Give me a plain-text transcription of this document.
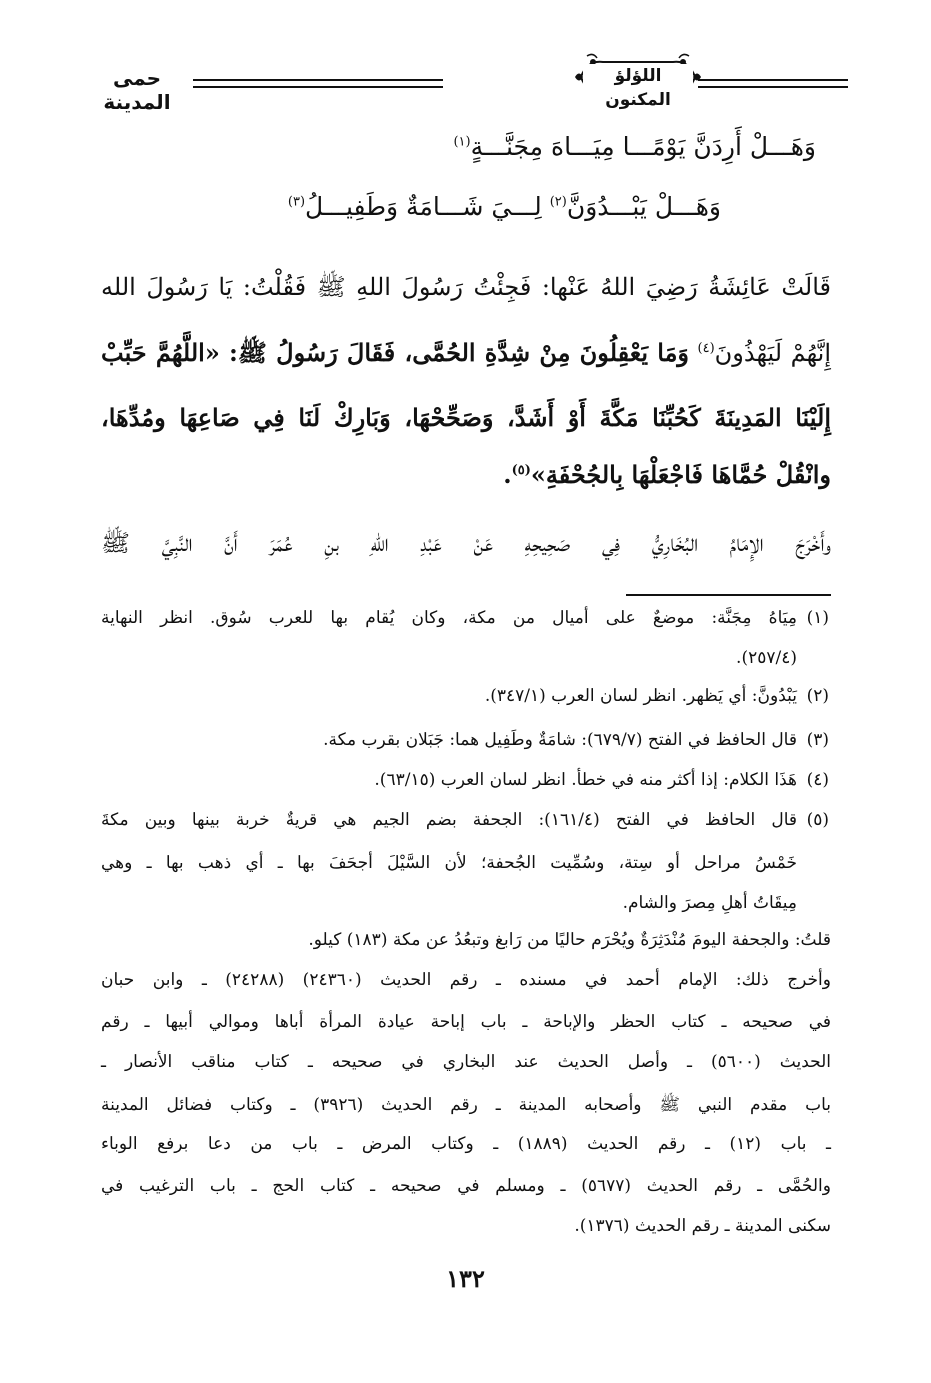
حمى المدينة
اللؤلؤ المكنون
وَهَـــلْ أَرِدَنَّ يَوْمًـــا مِيَـــاهَ مِجَنَّـــةٍ$^{(١)}$
وَهَـــلْ يَبْـــدُوَنَّ$^{(٢)}$ لِـــيَ شَـــامَةٌ وَطَفِيـــلُ$^{(٣)}$
قَالَتْ عَائِشَةُ رَضِيَ اللهُ عَنْها: فَجِئْتُ رَسُولَ اللهِ ﷺ فَقُلْتُ: يَا رَسُولَ الله
إِنَّهُمْ لَيَهْذُونَ$^{(٤)}$ وَمَا يَعْقِلُونَ مِنْ شِدَّةِ الحُمَّى، فَقَالَ رَسُولُ ﷺ: «اللَّهُمَّ حَبِّبْ
إِلَيْنَا المَدِينَةَ كَحُبِّنَا مَكَّةَ أَوْ أَشَدَّ، وَصَحِّحْهَا، وَبَارِكْ لَنَا فِي صَاعِهَا ومُدِّهَا،
وانْقُلْ حُمَّاهَا فَاجْعَلْهَا بِالجُحْفَةِ»$^{(٥)}$.
وأَخْرَجَ الإِمَامُ البُخَارِيُّ فِي صَحِيحِهِ عَنْ عَبْدِ اللهِ بنِ عُمَرَ أَنَّ النَّبِيَّ ﷺ
(١)
مِيَاهُ مِجَنَّة: موضعٌ على أميال من مكة، وكان يُقام بها للعرب سُوق. انظر النهاية
(٢٥٧/٤).
(٢)
يَبْدُونَّ: أي يَظهر. انظر لسان العرب (٣٤٧/١).
(٣)
قال الحافظ في الفتح (٦٧٩/٧): شامَةٌ وطَفِيل هما: جَبَلان بقرب مكة.
(٤)
هَذَا الكلام: إذا أكثر منه في خطأ. انظر لسان العرب (٦٣/١٥).
(٥)
قال الحافظ في الفتح (١٦١/٤): الجحفة بضم الجيم هي قريةٌ خربة بينها وبين مكةَ
خَمْسُ مراحل أو سِتة، وسُمِّيت الجُحفة؛ لأن السَّيْلَ أجحَفَ بها ـ أي ذهب بها ـ وهي
مِيقَاتُ أهلِ مِصرَ والشام.
قلتُ: والجحفة اليومَ مُنْدَثِرَةٌ ويُحْرَم حاليًا من رَابغ وتبعُدُ عن مكة (١٨٣) كيلو.
وأخرج ذلك: الإمام أحمد في مسنده ـ رقم الحديث (٢٤٣٦٠) (٢٤٢٨٨) ـ وابن حبان
في صحيحه ـ كتاب الحظر والإباحة ـ باب إباحة عيادة المرأة أباها وموالي أبيها ـ رقم
الحديث (٥٦٠٠) ـ وأصل الحديث عند البخاري في صحيحه ـ كتاب مناقب الأنصار ـ
باب مقدم النبي ﷺ وأصحابه المدينة ـ رقم الحديث (٣٩٢٦) ـ وكتاب فضائل المدينة
ـ باب (١٢) ـ رقم الحديث (١٨٨٩) ـ وكتاب المرض ـ باب من دعا برفع الوباء
والحُمَّى ـ رقم الحديث (٥٦٧٧) ـ ومسلم في صحيحه ـ كتاب الحج ـ باب الترغيب في
سكنى المدينة ـ رقم الحديث (١٣٧٦).
١٣٢
